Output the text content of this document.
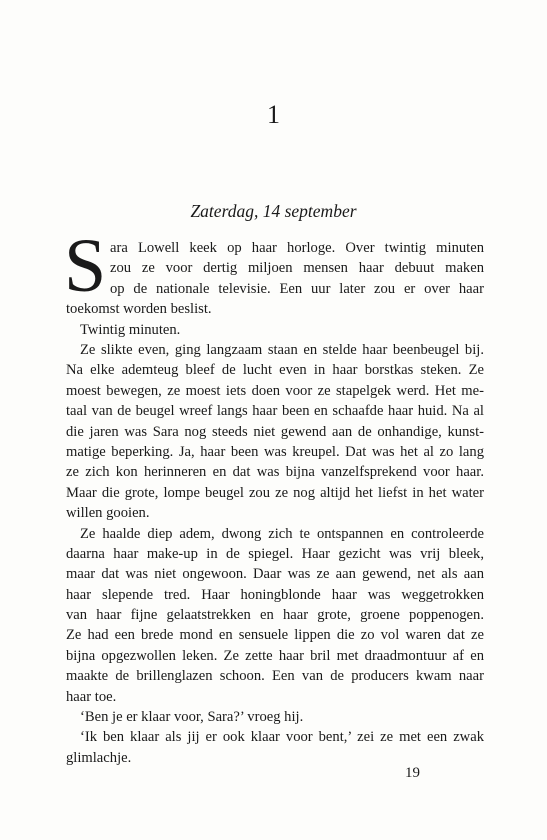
1
Zaterdag, 14 september
S ara Lowell keek op haar horloge. Over twintig minuten
zou ze voor dertig miljoen mensen haar debuut maken
op de nationale televisie. Een uur later zou er over haar
toekomst worden beslist.
Twintig minuten.
Ze slikte even, ging langzaam staan en stelde haar beenbeugel bij.
Na elke ademteug bleef de lucht even in haar borstkas steken. Ze
moest bewegen, ze moest iets doen voor ze stapelgek werd. Het me-
taal van de beugel wreef langs haar been en schaafde haar huid. Na al
die jaren was Sara nog steeds niet gewend aan de onhandige, kunst-
matige beperking. Ja, haar been was kreupel. Dat was het al zo lang
ze zich kon herinneren en dat was bijna vanzelfsprekend voor haar.
Maar die grote, lompe beugel zou ze nog altijd het liefst in het water
willen gooien.
Ze haalde diep adem, dwong zich te ontspannen en controleerde
daarna haar make-up in de spiegel. Haar gezicht was vrij bleek,
maar dat was niet ongewoon. Daar was ze aan gewend, net als aan
haar slepende tred. Haar honingblonde haar was weggetrokken
van haar fijne gelaatstrekken en haar grote, groene poppenogen.
Ze had een brede mond en sensuele lippen die zo vol waren dat ze
bijna opgezwollen leken. Ze zette haar bril met draadmontuur af en
maakte de brillenglazen schoon. Een van de producers kwam naar
haar toe.
‘Ben je er klaar voor, Sara?’ vroeg hij.
‘Ik ben klaar als jij er ook klaar voor bent,’ zei ze met een zwak
glimlachje.
19
